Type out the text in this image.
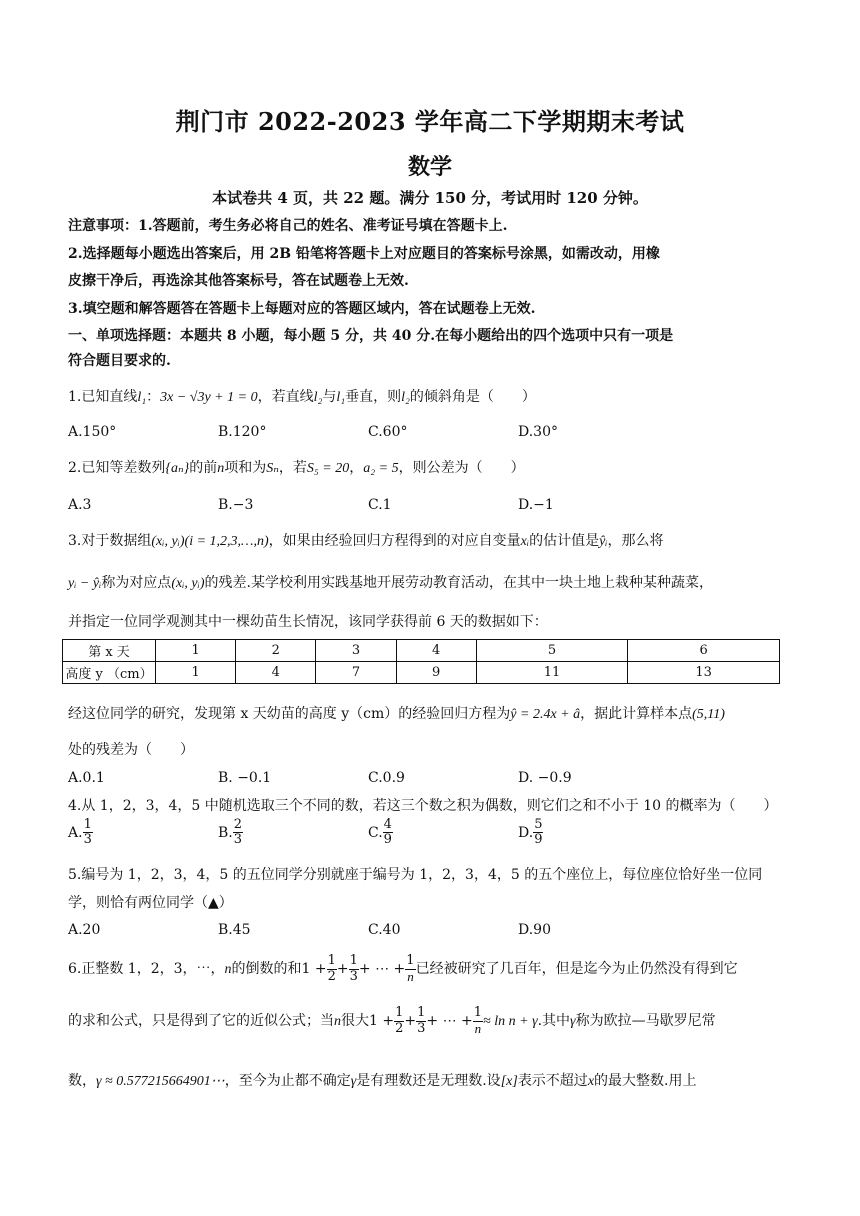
荆门市 2022-2023 学年高二下学期期末考试
数学
本试卷共 4 页，共 22 题。满分 150 分，考试用时 120 分钟。
注意事项：1.答题前，考生务必将自己的姓名、准考证号填在答题卡上.
2.选择题每小题选出答案后，用 2B 铅笔将答题卡上对应题目的答案标号涂黑，如需改动，用橡
皮擦干净后，再选涂其他答案标号，答在试题卷上无效.
3.填空题和解答题答在答题卡上每题对应的答题区域内，答在试题卷上无效.
一、单项选择题：本题共 8 小题，每小题 5 分，共 40 分.在每小题给出的四个选项中只有一项是
符合题目要求的.
1.已知直线l₁：3x − √3y + 1 = 0，若直线l₂与l₁垂直，则l₂的倾斜角是（　　）
A.150°	B.120°	C.60°	D.30°
2.已知等差数列{aₙ}的前n项和为Sₙ，若S₅ = 20，a₂ = 5，则公差为（　　）
A.3	B.−3	C.1	D.−1
3.对于数据组(xᵢ, yᵢ)(i = 1,2,3,…,n)，如果由经验回归方程得到的对应自变量xᵢ的估计值是ŷᵢ，那么将
yᵢ − ŷᵢ称为对应点(xᵢ, yᵢ)的残差.某学校利用实践基地开展劳动教育活动，在其中一块土地上栽种某种蔬菜，
并指定一位同学观测其中一棵幼苗生长情况，该同学获得前 6 天的数据如下：
第 x 天	1	2	3	4	5	6
高度 y （cm）	1	4	7	9	11	13
经这位同学的研究，发现第 x 天幼苗的高度 y（cm）的经验回归方程为ŷ = 2.4x + â，据此计算样本点(5,11)
处的残差为（　　）
A.0.1	B. −0.1	C.0.9	D. −0.9
4.从 1，2，3，4，5 中随机选取三个不同的数，若这三个数之积为偶数，则它们之和不小于 10 的概率为（　　）
A. $\frac{1}{3}$	B. $\frac{2}{3}$	C. $\frac{4}{9}$	D. $\frac{5}{9}$
5.编号为 1，2，3，4，5 的五位同学分别就座于编号为 1，2，3，4，5 的五个座位上，每位座位恰好坐一位同
学，则恰有两位同学（▲）
A.20	B.45	C.40	D.90
6.正整数 1，2，3，⋯，n的倒数的和$1 + \frac{1}{2} + \frac{1}{3}$ + ⋯ + $\frac{1}{n}$ 已经被研究了几百年，但是迄今为止仍然没有得到它
的求和公式，只是得到了它的近似公式；当n很大$1 + \frac{1}{2} + \frac{1}{3}$ + ⋯ + $\frac{1}{n} \approx \ln n + \gamma$.其中γ称为欧拉—马歇罗尼常
数，γ ≈ 0.577215664901⋯，至今为止都不确定γ是有理数还是无理数.设[x]表示不超过x的最大整数.用上
